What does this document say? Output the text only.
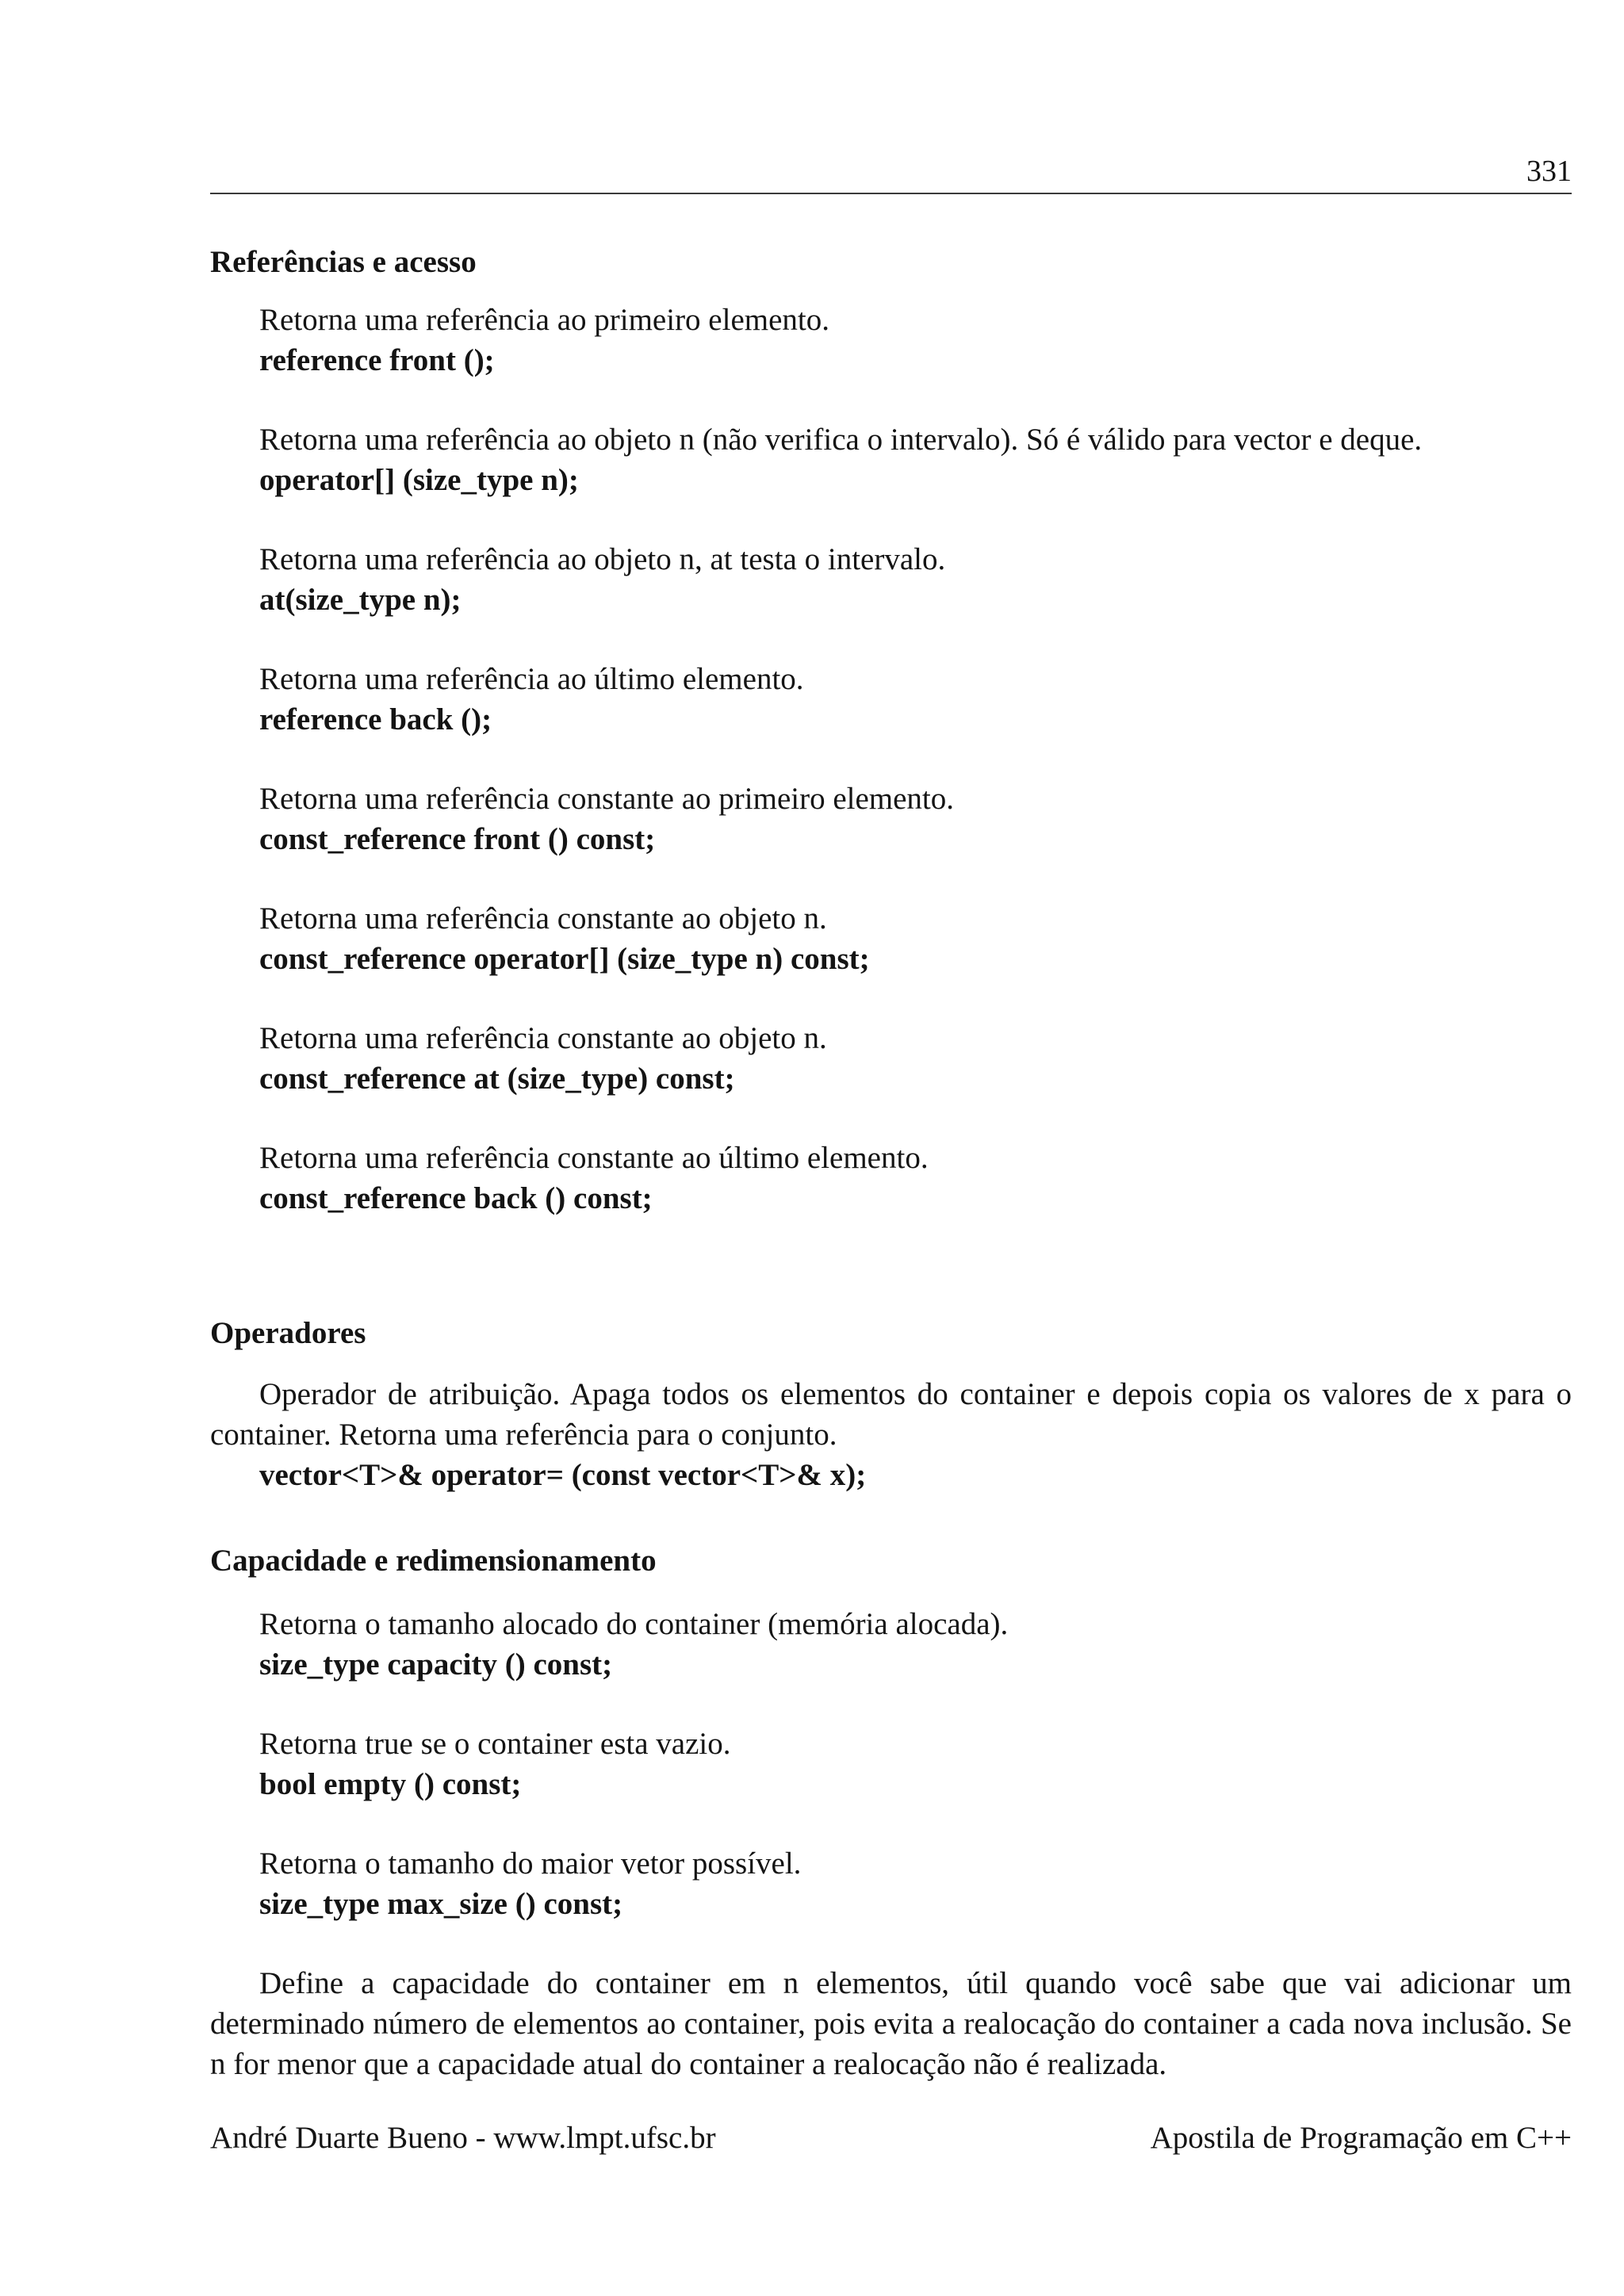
331

Referências e acesso

Retorna uma referência ao primeiro elemento.
reference front ();
Retorna uma referência ao objeto n (não verifica o intervalo). Só é válido para vector e deque.
operator[] (size_type n);
Retorna uma referência ao objeto n, at testa o intervalo.
at(size_type n);
Retorna uma referência ao último elemento.
reference back ();
Retorna uma referência constante ao primeiro elemento.
const_reference front () const;
Retorna uma referência constante ao objeto n.
const_reference operator[] (size_type n) const;
Retorna uma referência constante ao objeto n.
const_reference at (size_type) const;
Retorna uma referência constante ao último elemento.
const_reference back () const;

Operadores

Operador de atribuição. Apaga todos os elementos do container e depois copia os valores de x para o container. Retorna uma referência para o conjunto.

vector<T>& operator= (const vector<T>& x);

Capacidade e redimensionamento

Retorna o tamanho alocado do container (memória alocada).
size_type capacity () const;
Retorna true se o container esta vazio.
bool empty () const;
Retorna o tamanho do maior vetor possível.
size_type max_size () const;

Define a capacidade do container em n elementos, útil quando você sabe que vai adicionar um determinado número de elementos ao container, pois evita a realocação do container a cada nova inclusão. Se n for menor que a capacidade atual do container a realocação não é realizada.

André Duarte Bueno - www.lmpt.ufsc.br	Apostila de Programação em C++
